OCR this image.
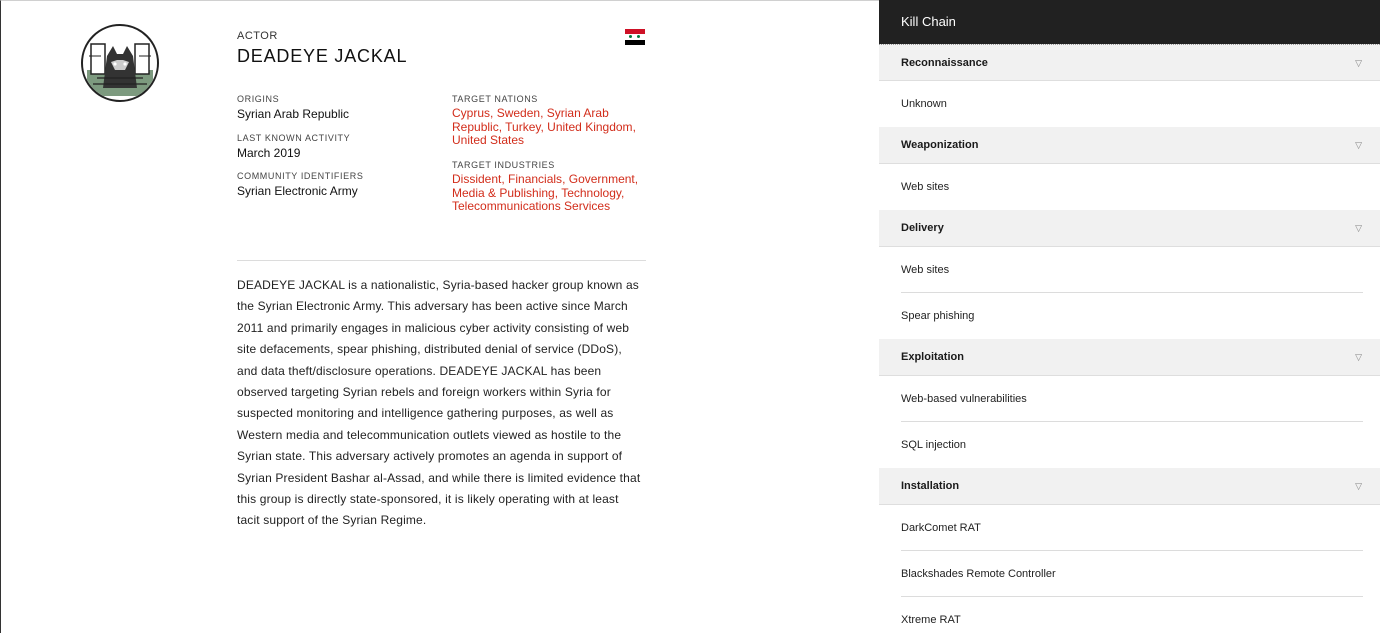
ACTOR
DEADEYE JACKAL
ORIGINS
Syrian Arab Republic
LAST KNOWN ACTIVITY
March 2019
COMMUNITY IDENTIFIERS
Syrian Electronic Army
TARGET NATIONS
Cyprus, Sweden, Syrian Arab Republic, Turkey, United Kingdom, United States
TARGET INDUSTRIES
Dissident, Financials, Government, Media & Publishing, Technology, Telecommunications Services
DEADEYE JACKAL is a nationalistic, Syria-based hacker group known as the Syrian Electronic Army. This adversary has been active since March 2011 and primarily engages in malicious cyber activity consisting of web site defacements, spear phishing, distributed denial of service (DDoS), and data theft/disclosure operations. DEADEYE JACKAL has been observed targeting Syrian rebels and foreign workers within Syria for suspected monitoring and intelligence gathering purposes, as well as Western media and telecommunication outlets viewed as hostile to the Syrian state. This adversary actively promotes an agenda in support of Syrian President Bashar al-Assad, and while there is limited evidence that this group is directly state-sponsored, it is likely operating with at least tacit support of the Syrian Regime.
Kill Chain
Reconnaissance	▽
Unknown
Weaponization	▽
Web sites
Delivery	▽
Web sites
Spear phishing
Exploitation	▽
Web-based vulnerabilities
SQL injection
Installation	▽
DarkComet RAT
Blackshades Remote Controller
Xtreme RAT
